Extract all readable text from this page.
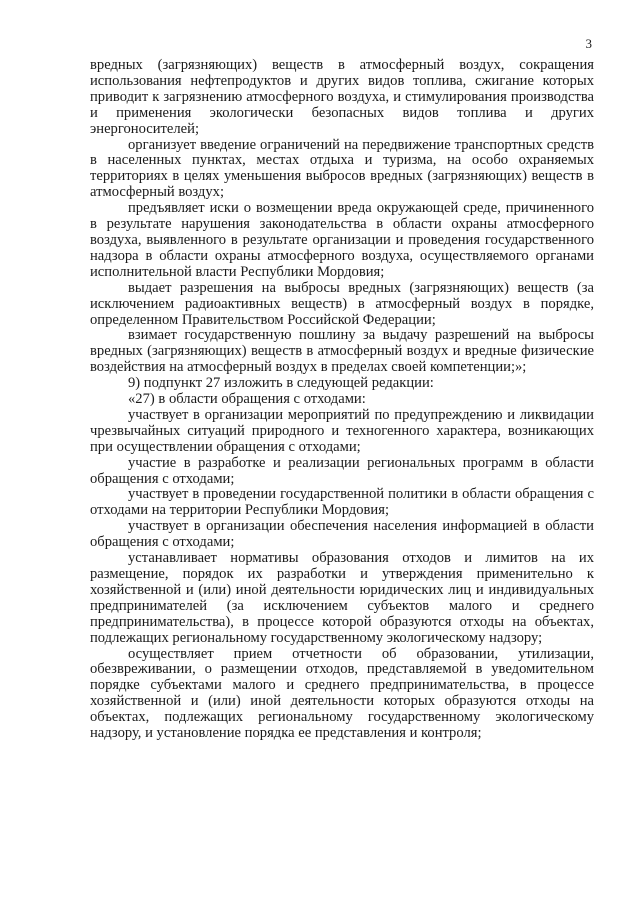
3

вредных (загрязняющих) веществ в атмосферный воздух, сокращения использования нефтепродуктов и других видов топлива, сжигание которых приводит к загрязнению атмосферного воздуха, и стимулирования производства и применения экологически безопасных видов топлива и других энергоносителей;

организует введение ограничений на передвижение транспортных средств в населенных пунктах, местах отдыха и туризма, на особо охраняемых территориях в целях уменьшения выбросов вредных (загрязняющих) веществ в атмосферный воздух;

предъявляет иски о возмещении вреда окружающей среде, причиненного в результате нарушения законодательства в области охраны атмосферного воздуха, выявленного в результате организации и проведения государственного надзора в области охраны атмосферного воздуха, осуществляемого органами исполнительной власти Республики Мордовия;

выдает разрешения на выбросы вредных (загрязняющих) веществ (за исключением радиоактивных веществ) в атмосферный воздух в порядке, определенном Правительством Российской Федерации;

взимает государственную пошлину за выдачу разрешений на выбросы вредных (загрязняющих) веществ в атмосферный воздух и вредные физические воздействия на атмосферный воздух в пределах своей компетенции;»;

9) подпункт 27 изложить в следующей редакции:

«27) в области обращения с отходами:

участвует в организации мероприятий по предупреждению и ликвидации чрезвычайных ситуаций природного и техногенного характера, возникающих при осуществлении обращения с отходами;

участие в разработке и реализации региональных программ в области обращения с отходами;

участвует в проведении государственной политики в области обращения с отходами на территории Республики Мордовия;

участвует в организации обеспечения населения информацией в области обращения с отходами;

устанавливает нормативы образования отходов и лимитов на их размещение, порядок их разработки и утверждения применительно к хозяйственной и (или) иной деятельности юридических лиц и индивидуальных предпринимателей (за исключением субъектов малого и среднего предпринимательства), в процессе которой образуются отходы на объектах, подлежащих региональному государственному экологическому надзору;

осуществляет прием отчетности об образовании, утилизации, обезвреживании, о размещении отходов, представляемой в уведомительном порядке субъектами малого и среднего предпринимательства, в процессе хозяйственной и (или) иной деятельности которых образуются отходы на объектах, подлежащих региональному государственному экологическому надзору, и установление порядка ее представления и контроля;
